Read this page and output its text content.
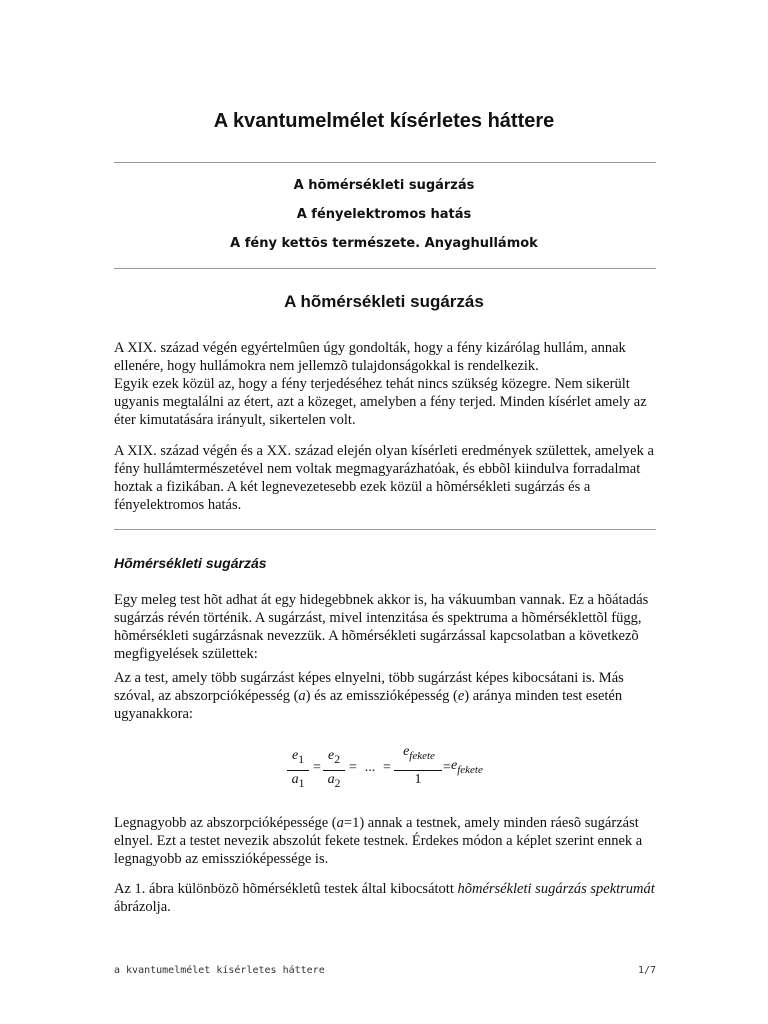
A kvantumelmélet kísérletes háttere
A hõmérsékleti sugárzás
A fényelektromos hatás
A fény kettõs természete. Anyaghullámok
A hõmérsékleti sugárzás
A XIX. század végén egyértelmûen úgy gondolták, hogy a fény kizárólag hullám, annak ellenére, hogy hullámokra nem jellemzõ tulajdonságokkal is rendelkezik.
Egyik ezek közül az, hogy a fény terjedéséhez tehát nincs szükség közegre. Nem sikerült ugyanis megtalálni az étert, azt a közeget, amelyben a fény terjed. Minden kísérlet amely az éter kimutatására irányult, sikertelen volt.
A XIX. század végén és a XX. század elején olyan kísérleti eredmények születtek, amelyek a fény hullámtermészetével nem voltak megmagyarázhatóak, és ebbõl kiindulva forradalmat hoztak a fizikában. A két legnevezetesebb ezek közül a hõmérsékleti sugárzás és a fényelektromos hatás.
Hõmérsékleti sugárzás
Egy meleg test hõt adhat át egy hidegebbnek akkor is, ha vákuumban vannak. Ez a hõátadás sugárzás révén történik. A sugárzást, mivel intenzitása és spektruma a hõmérséklettõl függ, hõmérsékleti sugárzásnak nevezzük. A hõmérsékleti sugárzással kapcsolatban a következõ megfigyelések születtek:
Az a test, amely több sugárzást képes elnyelni, több sugárzást képes kibocsátani is. Más szóval, az abszorpcióképesség (a) és az emisszióképesség (e) aránya minden test esetén ugyanakkora:
$e_1$
$a_1$
=
$e_2$
$a_2$
= ... =
$e_{fekete}$
1
= $e_{fekete}$
Legnagyobb az abszorpcióképessége (a=1) annak a testnek, amely minden ráesõ sugárzást elnyel. Ezt a testet nevezik abszolút fekete testnek. Érdekes módon a képlet szerint ennek a legnagyobb az emisszióképessége is.
Az 1. ábra különbözõ hõmérsékletû testek által kibocsátott hõmérsékleti sugárzás spektrumát ábrázolja.
a kvantumelmélet kísérletes háttere	1/7
